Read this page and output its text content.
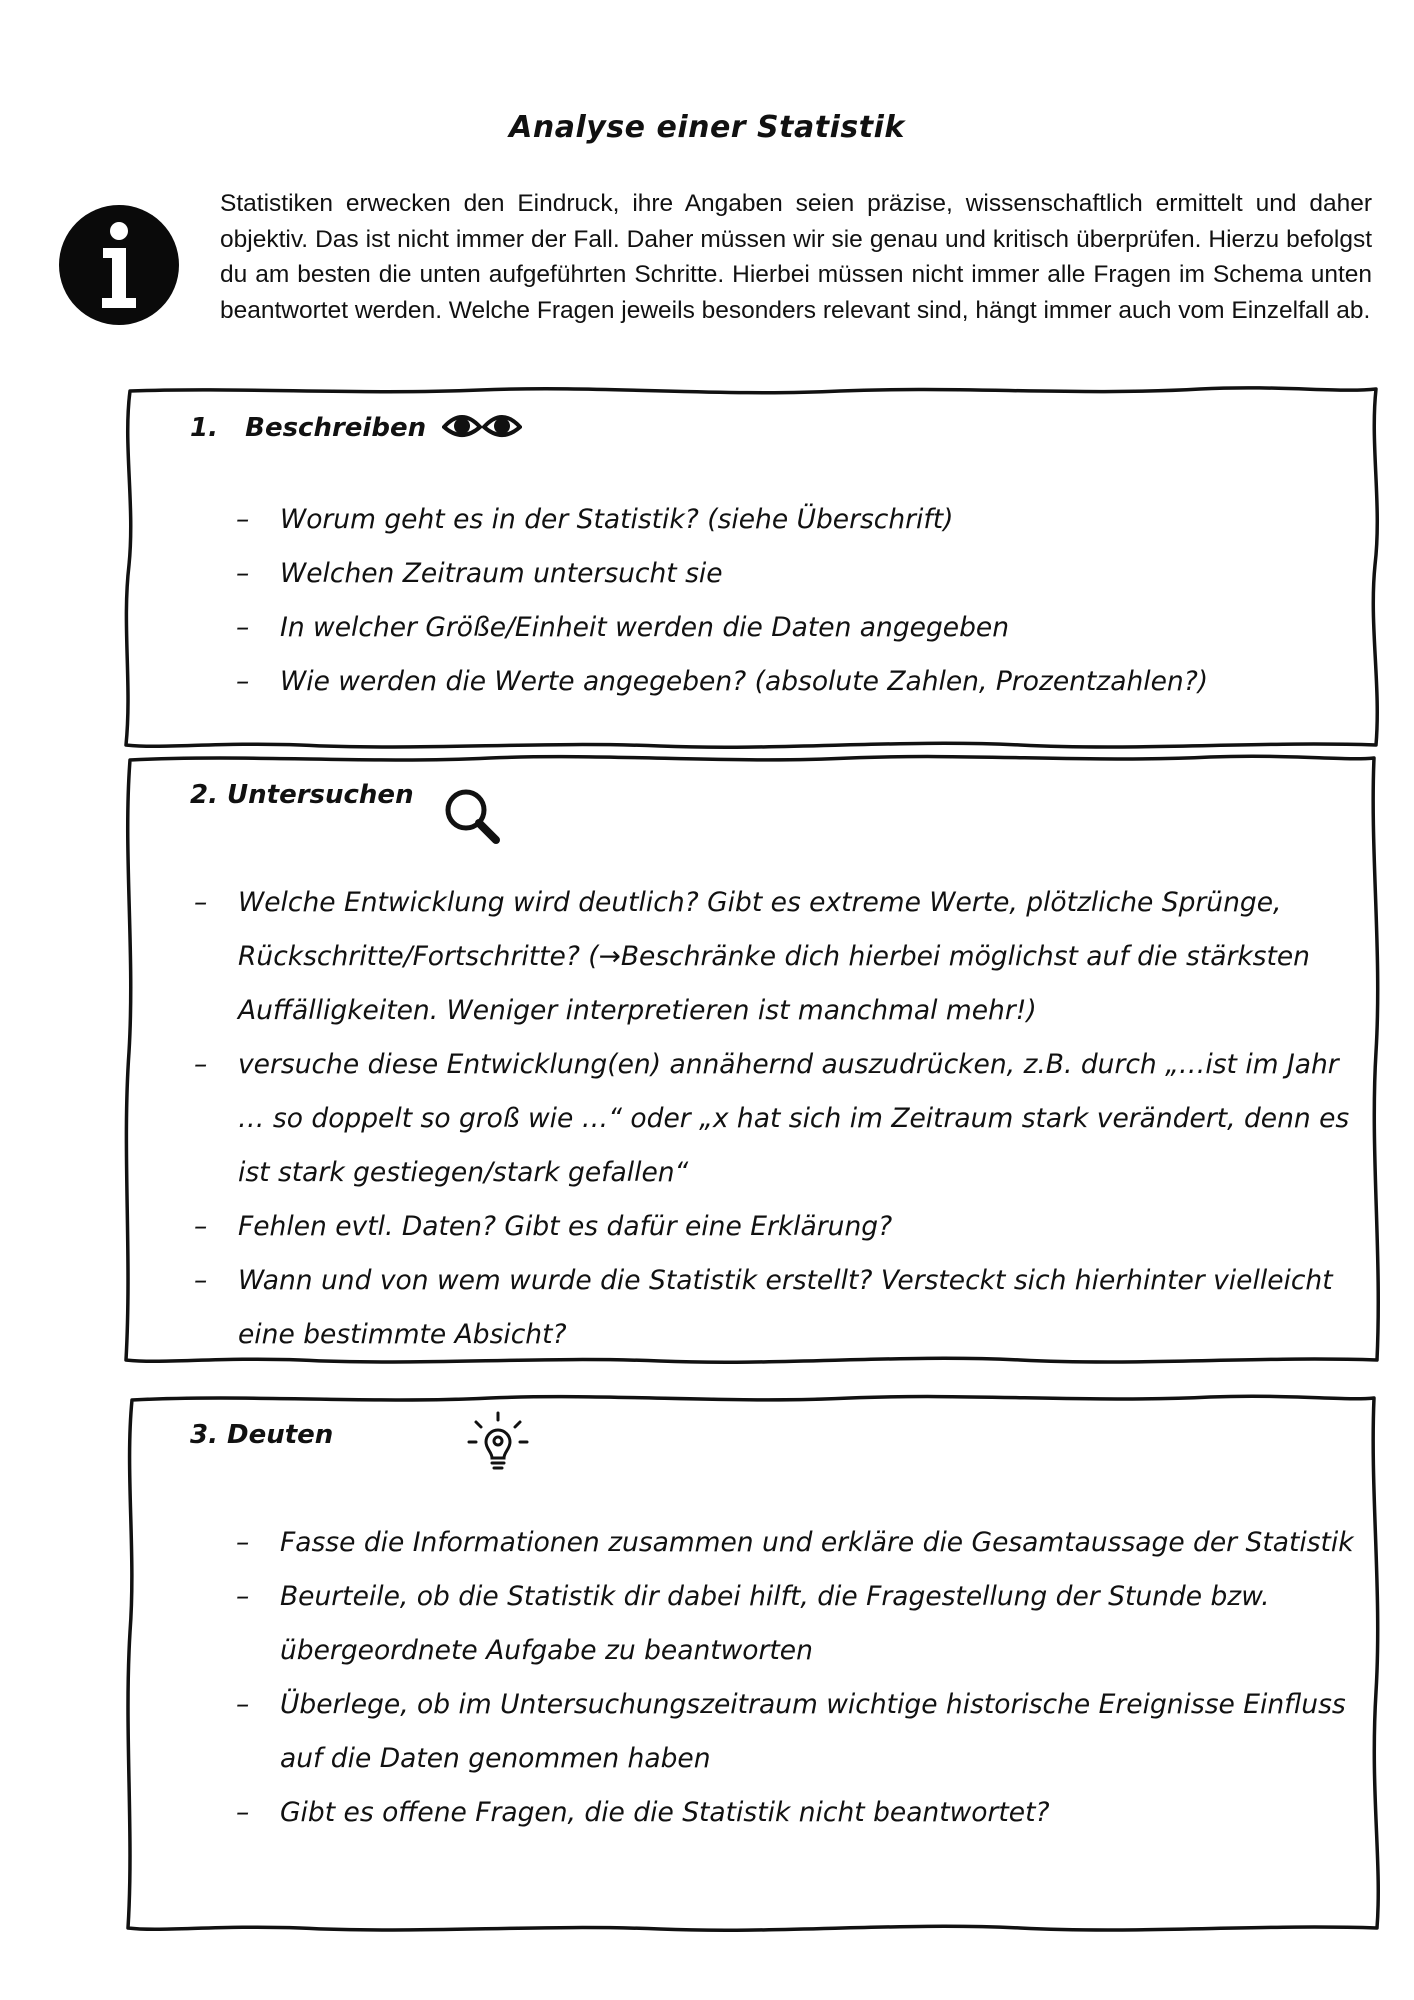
Analyse einer Statistik

Statistiken erwecken den Eindruck, ihre Angaben seien präzise, wissenschaftlich ermittelt und daher objektiv. Das ist nicht immer der Fall. Daher müssen wir sie genau und kritisch überprüfen. Hierzu befolgst du am besten die unten aufgeführten Schritte. Hierbei müssen nicht immer alle Fragen im Schema unten beantwortet werden. Welche Fragen jeweils besonders relevant sind, hängt immer auch vom Einzelfall ab.

1.   Beschreiben
– Worum geht es in der Statistik? (siehe Überschrift)
– Welchen Zeitraum untersucht sie
– In welcher Größe/Einheit werden die Daten angegeben
– Wie werden die Werte angegeben? (absolute Zahlen, Prozentzahlen?)
2. Untersuchen
– Welche Entwicklung wird deutlich? Gibt es extreme Werte, plötzliche Sprünge, Rückschritte/Fortschritte? (→Beschränke dich hierbei möglichst auf die stärksten Auffälligkeiten. Weniger interpretieren ist manchmal mehr!)
– versuche diese Entwicklung(en) annähernd auszudrücken, z.B. durch „…ist im Jahr … so doppelt so groß wie …“ oder „x hat sich im Zeitraum stark verändert, denn es ist stark gestiegen/stark gefallen“
– Fehlen evtl. Daten? Gibt es dafür eine Erklärung?
– Wann und von wem wurde die Statistik erstellt? Versteckt sich hierhinter vielleicht eine bestimmte Absicht?
3. Deuten
– Fasse die Informationen zusammen und erkläre die Gesamtaussage der Statistik
– Beurteile, ob die Statistik dir dabei hilft, die Fragestellung der Stunde bzw. übergeordnete Aufgabe zu beantworten
– Überlege, ob im Untersuchungszeitraum wichtige historische Ereignisse Einfluss auf die Daten genommen haben
– Gibt es offene Fragen, die die Statistik nicht beantwortet?
